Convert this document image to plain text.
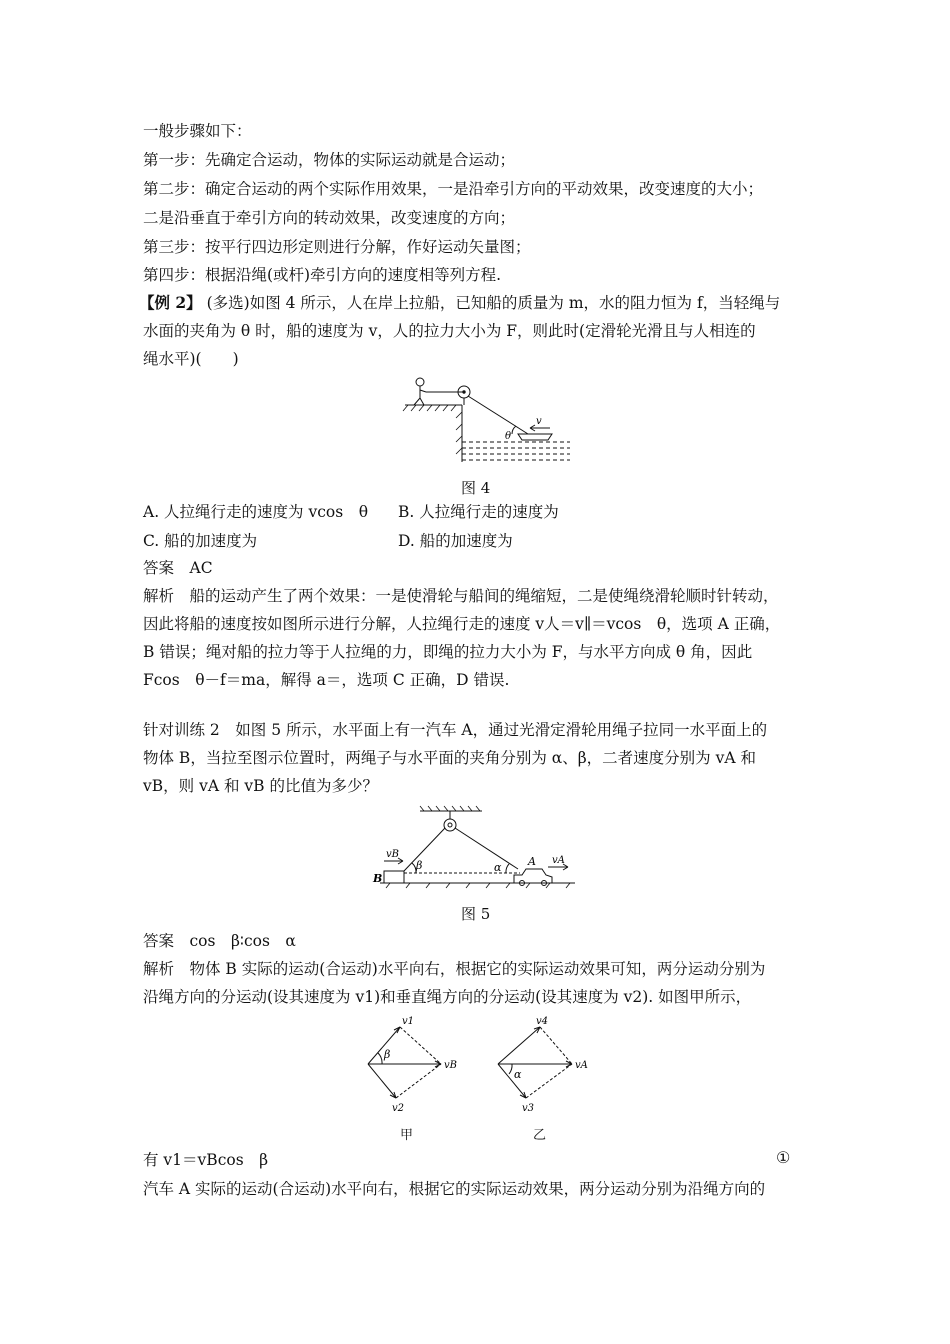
一般步骤如下：
第一步：先确定合运动，物体的实际运动就是合运动；
第二步：确定合运动的两个实际作用效果，一是沿牵引方向的平动效果，改变速度的大小；
二是沿垂直于牵引方向的转动效果，改变速度的方向；
第三步：按平行四边形定则进行分解，作好运动矢量图；
第四步：根据沿绳(或杆)牵引方向的速度相等列方程.
【例 2】 (多选)如图 4 所示，人在岸上拉船，已知船的质量为 m，水的阻力恒为 f，当轻绳与
水面的夹角为 θ 时，船的速度为 v，人的拉力大小为 F，则此时(定滑轮光滑且与人相连的
绳水平)(　　)
v
θ
图 4
A. 人拉绳行走的速度为 vcos　θ B. 人拉绳行走的速度为
C. 船的加速度为	D. 船的加速度为
答案　AC
解析　船的运动产生了两个效果：一是使滑轮与船间的绳缩短，二是使绳绕滑轮顺时针转动，
因此将船的速度按如图所示进行分解，人拉绳行走的速度 v人＝v∥＝vcos　θ，选项 A 正确，
B 错误；绳对船的拉力等于人拉绳的力，即绳的拉力大小为 F，与水平方向成 θ 角，因此
Fcos　θ－f＝ma，解得 a＝，选项 C 正确，D 错误.
针对训练 2　如图 5 所示，水平面上有一汽车 A，通过光滑定滑轮用绳子拉同一水平面上的
物体 B，当拉至图示位置时，两绳子与水平面的夹角分别为 α、β，二者速度分别为 vA 和
vB，则 vA 和 vB 的比值为多少？
vB
β	α A vA
B
图 5
答案　cos　β∶cos　α
解析　物体 B 实际的运动(合运动)水平向右，根据它的实际运动效果可知，两分运动分别为
沿绳方向的分运动(设其速度为 v1)和垂直绳方向的分运动(设其速度为 v2). 如图甲所示，
v1
β
vB
v2
甲
v4
α
vA
v3
乙
有 v1＝vBcos　β	①
汽车 A 实际的运动(合运动)水平向右，根据它的实际运动效果，两分运动分别为沿绳方向的
